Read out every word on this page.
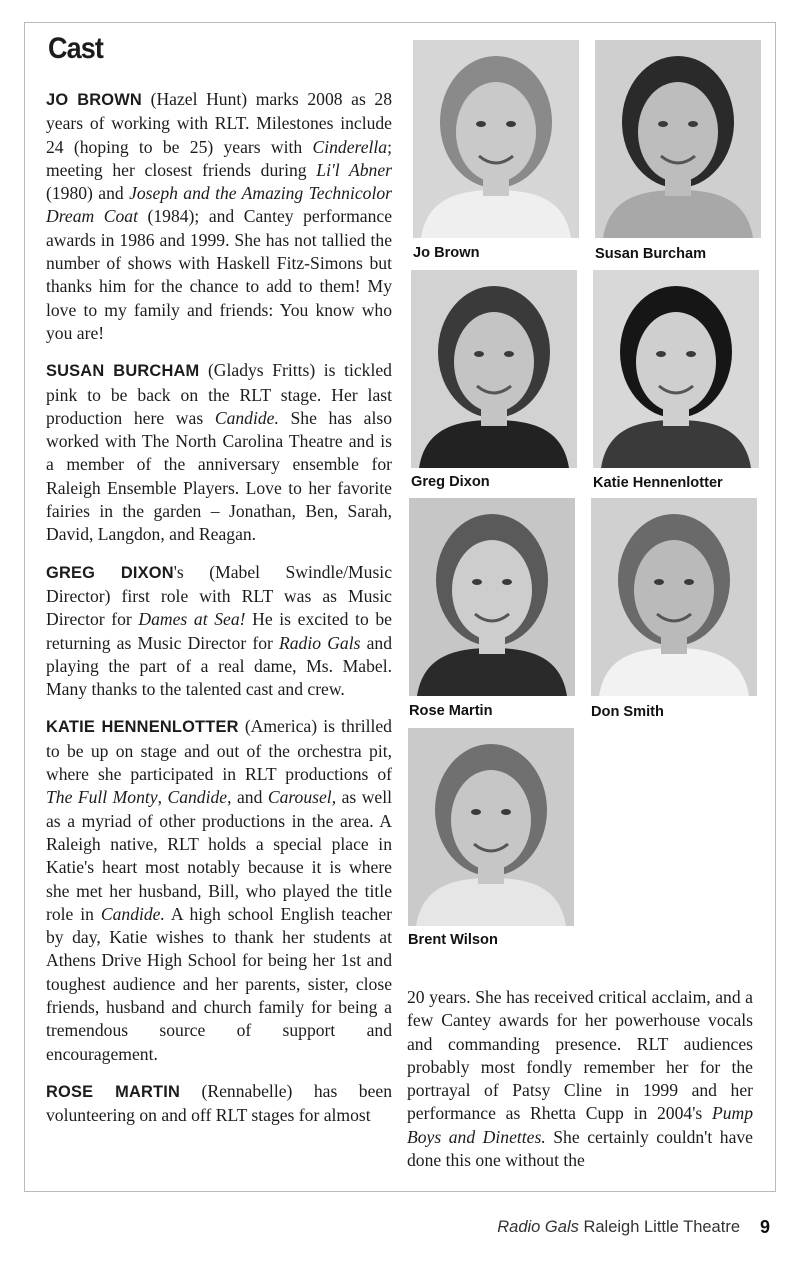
Cast

JO BROWN (Hazel Hunt) marks 2008 as 28 years of working with RLT. Milestones include 24 (hoping to be 25) years with Cinderella; meeting her closest friends during Li'l Abner (1980) and Joseph and the Amazing Technicolor Dream Coat (1984); and Cantey performance awards in 1986 and 1999. She has not tallied the number of shows with Haskell Fitz-Simons but thanks him for the chance to add to them! My love to my family and friends: You know who you are!

SUSAN BURCHAM (Gladys Fritts) is tickled pink to be back on the RLT stage. Her last production here was Candide. She has also worked with The North Carolina Theatre and is a member of the anniversary ensemble for Raleigh Ensemble Players. Love to her favorite fairies in the garden – Jonathan, Ben, Sarah, David, Langdon, and Reagan.

GREG DIXON's (Mabel Swindle/Music Director) first role with RLT was as Music Director for Dames at Sea! He is excited to be returning as Music Director for Radio Gals and playing the part of a real dame, Ms. Mabel. Many thanks to the talented cast and crew.

KATIE HENNENLOTTER (America) is thrilled to be up on stage and out of the orchestra pit, where she participated in RLT productions of The Full Monty, Candide, and Carousel, as well as a myriad of other productions in the area. A Raleigh native, RLT holds a special place in Katie's heart most notably because it is where she met her husband, Bill, who played the title role in Candide. A high school English teacher by day, Katie wishes to thank her students at Athens Drive High School for being her 1st and toughest audience and her parents, sister, close friends, husband and church family for being a tremendous source of support and encouragement.

ROSE MARTIN (Rennabelle) has been volunteering on and off RLT stages for almost

20 years. She has received critical acclaim, and a few Cantey awards for her powerhouse vocals and commanding presence. RLT audiences probably most fondly remember her for the portrayal of Patsy Cline in 1999 and her performance as Rhetta Cupp in 2004's Pump Boys and Dinettes. She certainly couldn't have done this one without the

Jo Brown	Susan Burcham
Greg Dixon	Katie Hennenlotter
Rose Martin	Don Smith
Brent Wilson
Radio Gals Raleigh Little Theatre 9
